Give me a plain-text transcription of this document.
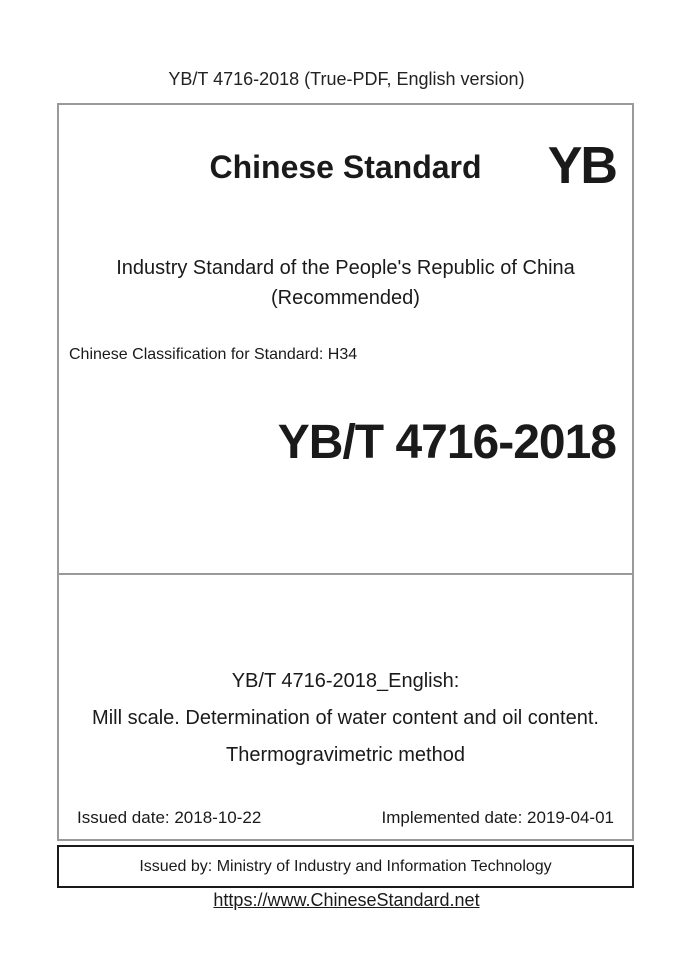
YB/T 4716-2018 (True-PDF, English version)
Chinese Standard	YB
Industry Standard of the People's Republic of China
(Recommended)
Chinese Classification for Standard: H34
YB/T 4716-2018
YB/T 4716-2018_English:
Mill scale. Determination of water content and oil content.
Thermogravimetric method
Issued date: 2018-10-22	Implemented date: 2019-04-01
Issued by: Ministry of Industry and Information Technology
https://www.ChineseStandard.net
